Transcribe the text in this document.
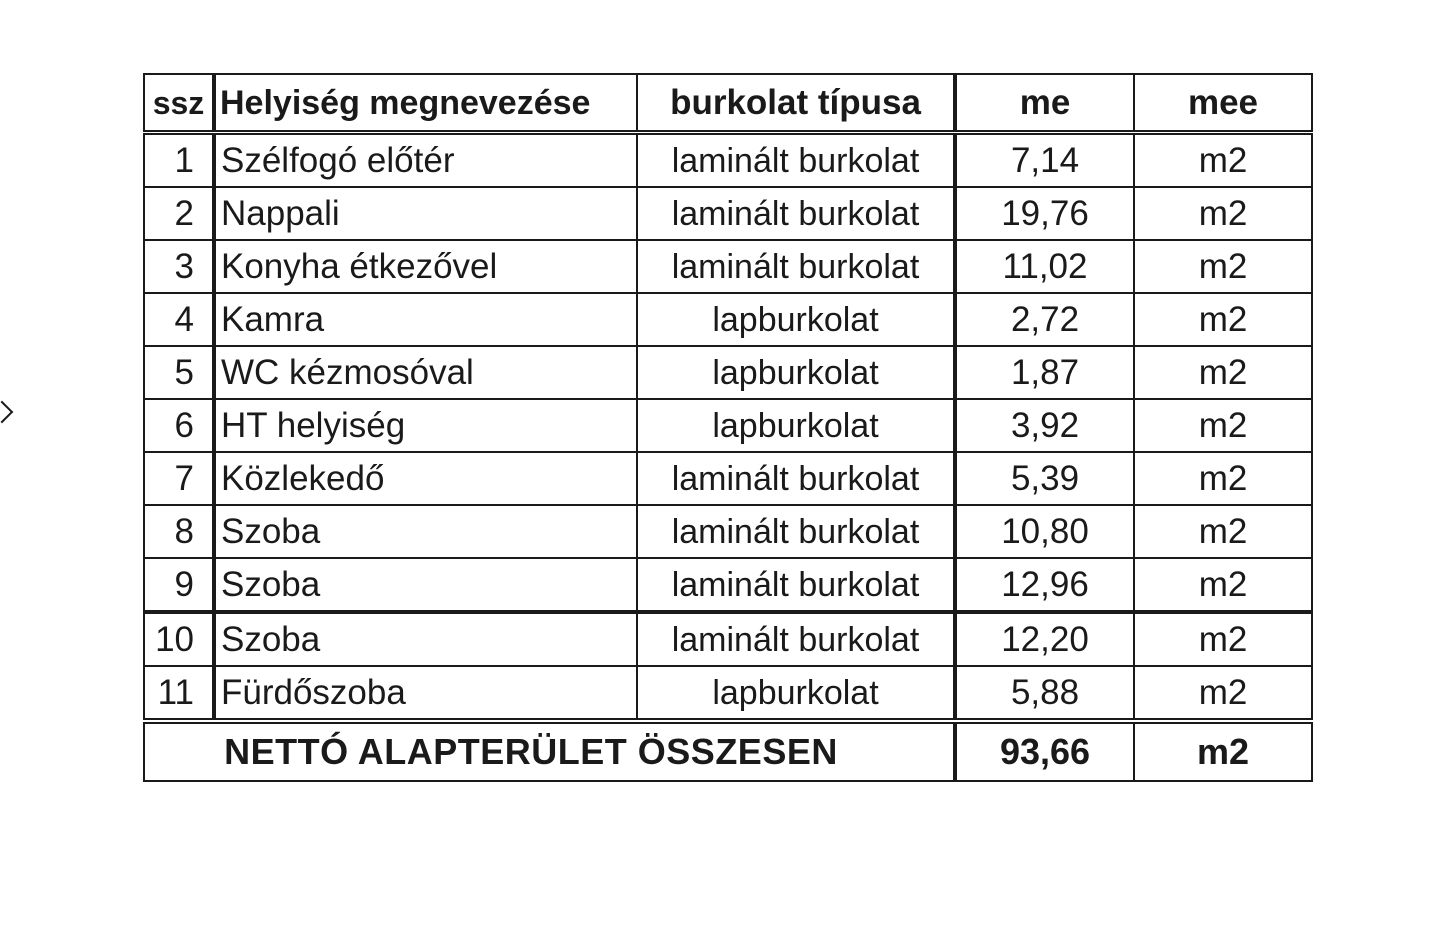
ssz	Helyiség megnevezése	burkolat típusa	me	mee
1	Szélfogó előtér	laminált burkolat	7,14	m2
2	Nappali	laminált burkolat	19,76	m2
3	Konyha étkezővel	laminált burkolat	11,02	m2
4	Kamra	lapburkolat	2,72	m2
5	WC kézmosóval	lapburkolat	1,87	m2
6	HT helyiség	lapburkolat	3,92	m2
7	Közlekedő	laminált burkolat	5,39	m2
8	Szoba	laminált burkolat	10,80	m2
9	Szoba	laminált burkolat	12,96	m2
10	Szoba	laminált burkolat	12,20	m2
11	Fürdőszoba	lapburkolat	5,88	m2
NETTÓ ALAPTERÜLET ÖSSZESEN			93,66	m2
